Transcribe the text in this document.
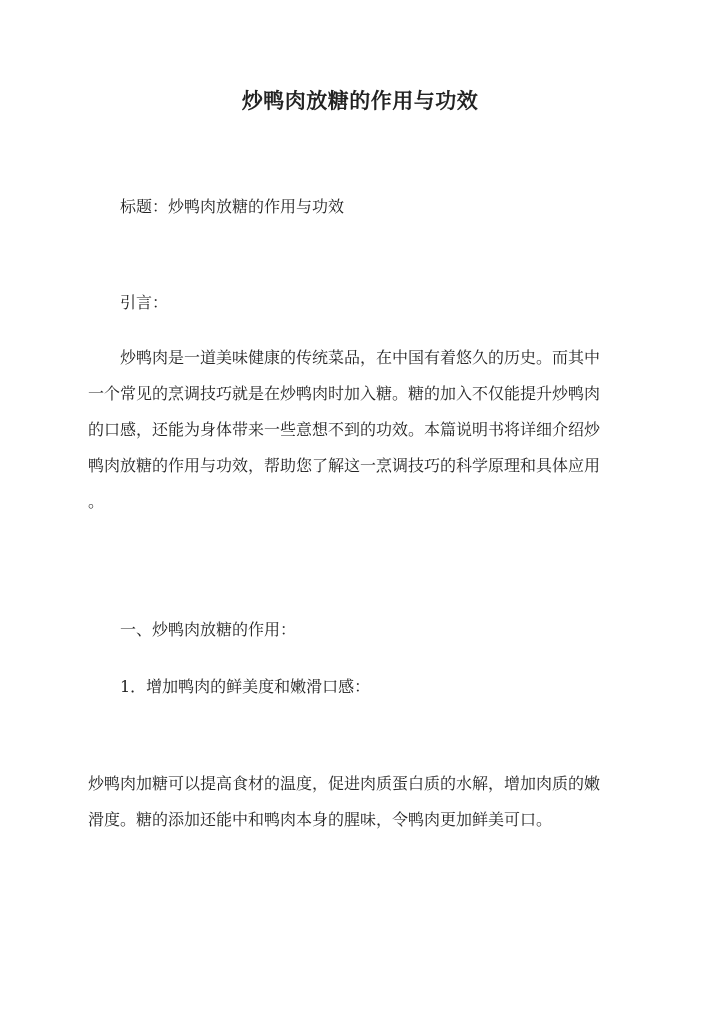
炒鸭肉放糖的作用与功效
标题：炒鸭肉放糖的作用与功效
引言：
炒鸭肉是一道美味健康的传统菜品，在中国有着悠久的历史。而其中
一个常见的烹调技巧就是在炒鸭肉时加入糖。糖的加入不仅能提升炒鸭肉
的口感，还能为身体带来一些意想不到的功效。本篇说明书将详细介绍炒
鸭肉放糖的作用与功效，帮助您了解这一烹调技巧的科学原理和具体应用
。
一、炒鸭肉放糖的作用：
1．增加鸭肉的鲜美度和嫩滑口感：
炒鸭肉加糖可以提高食材的温度，促进肉质蛋白质的水解，增加肉质的嫩
滑度。糖的添加还能中和鸭肉本身的腥味，令鸭肉更加鲜美可口。
